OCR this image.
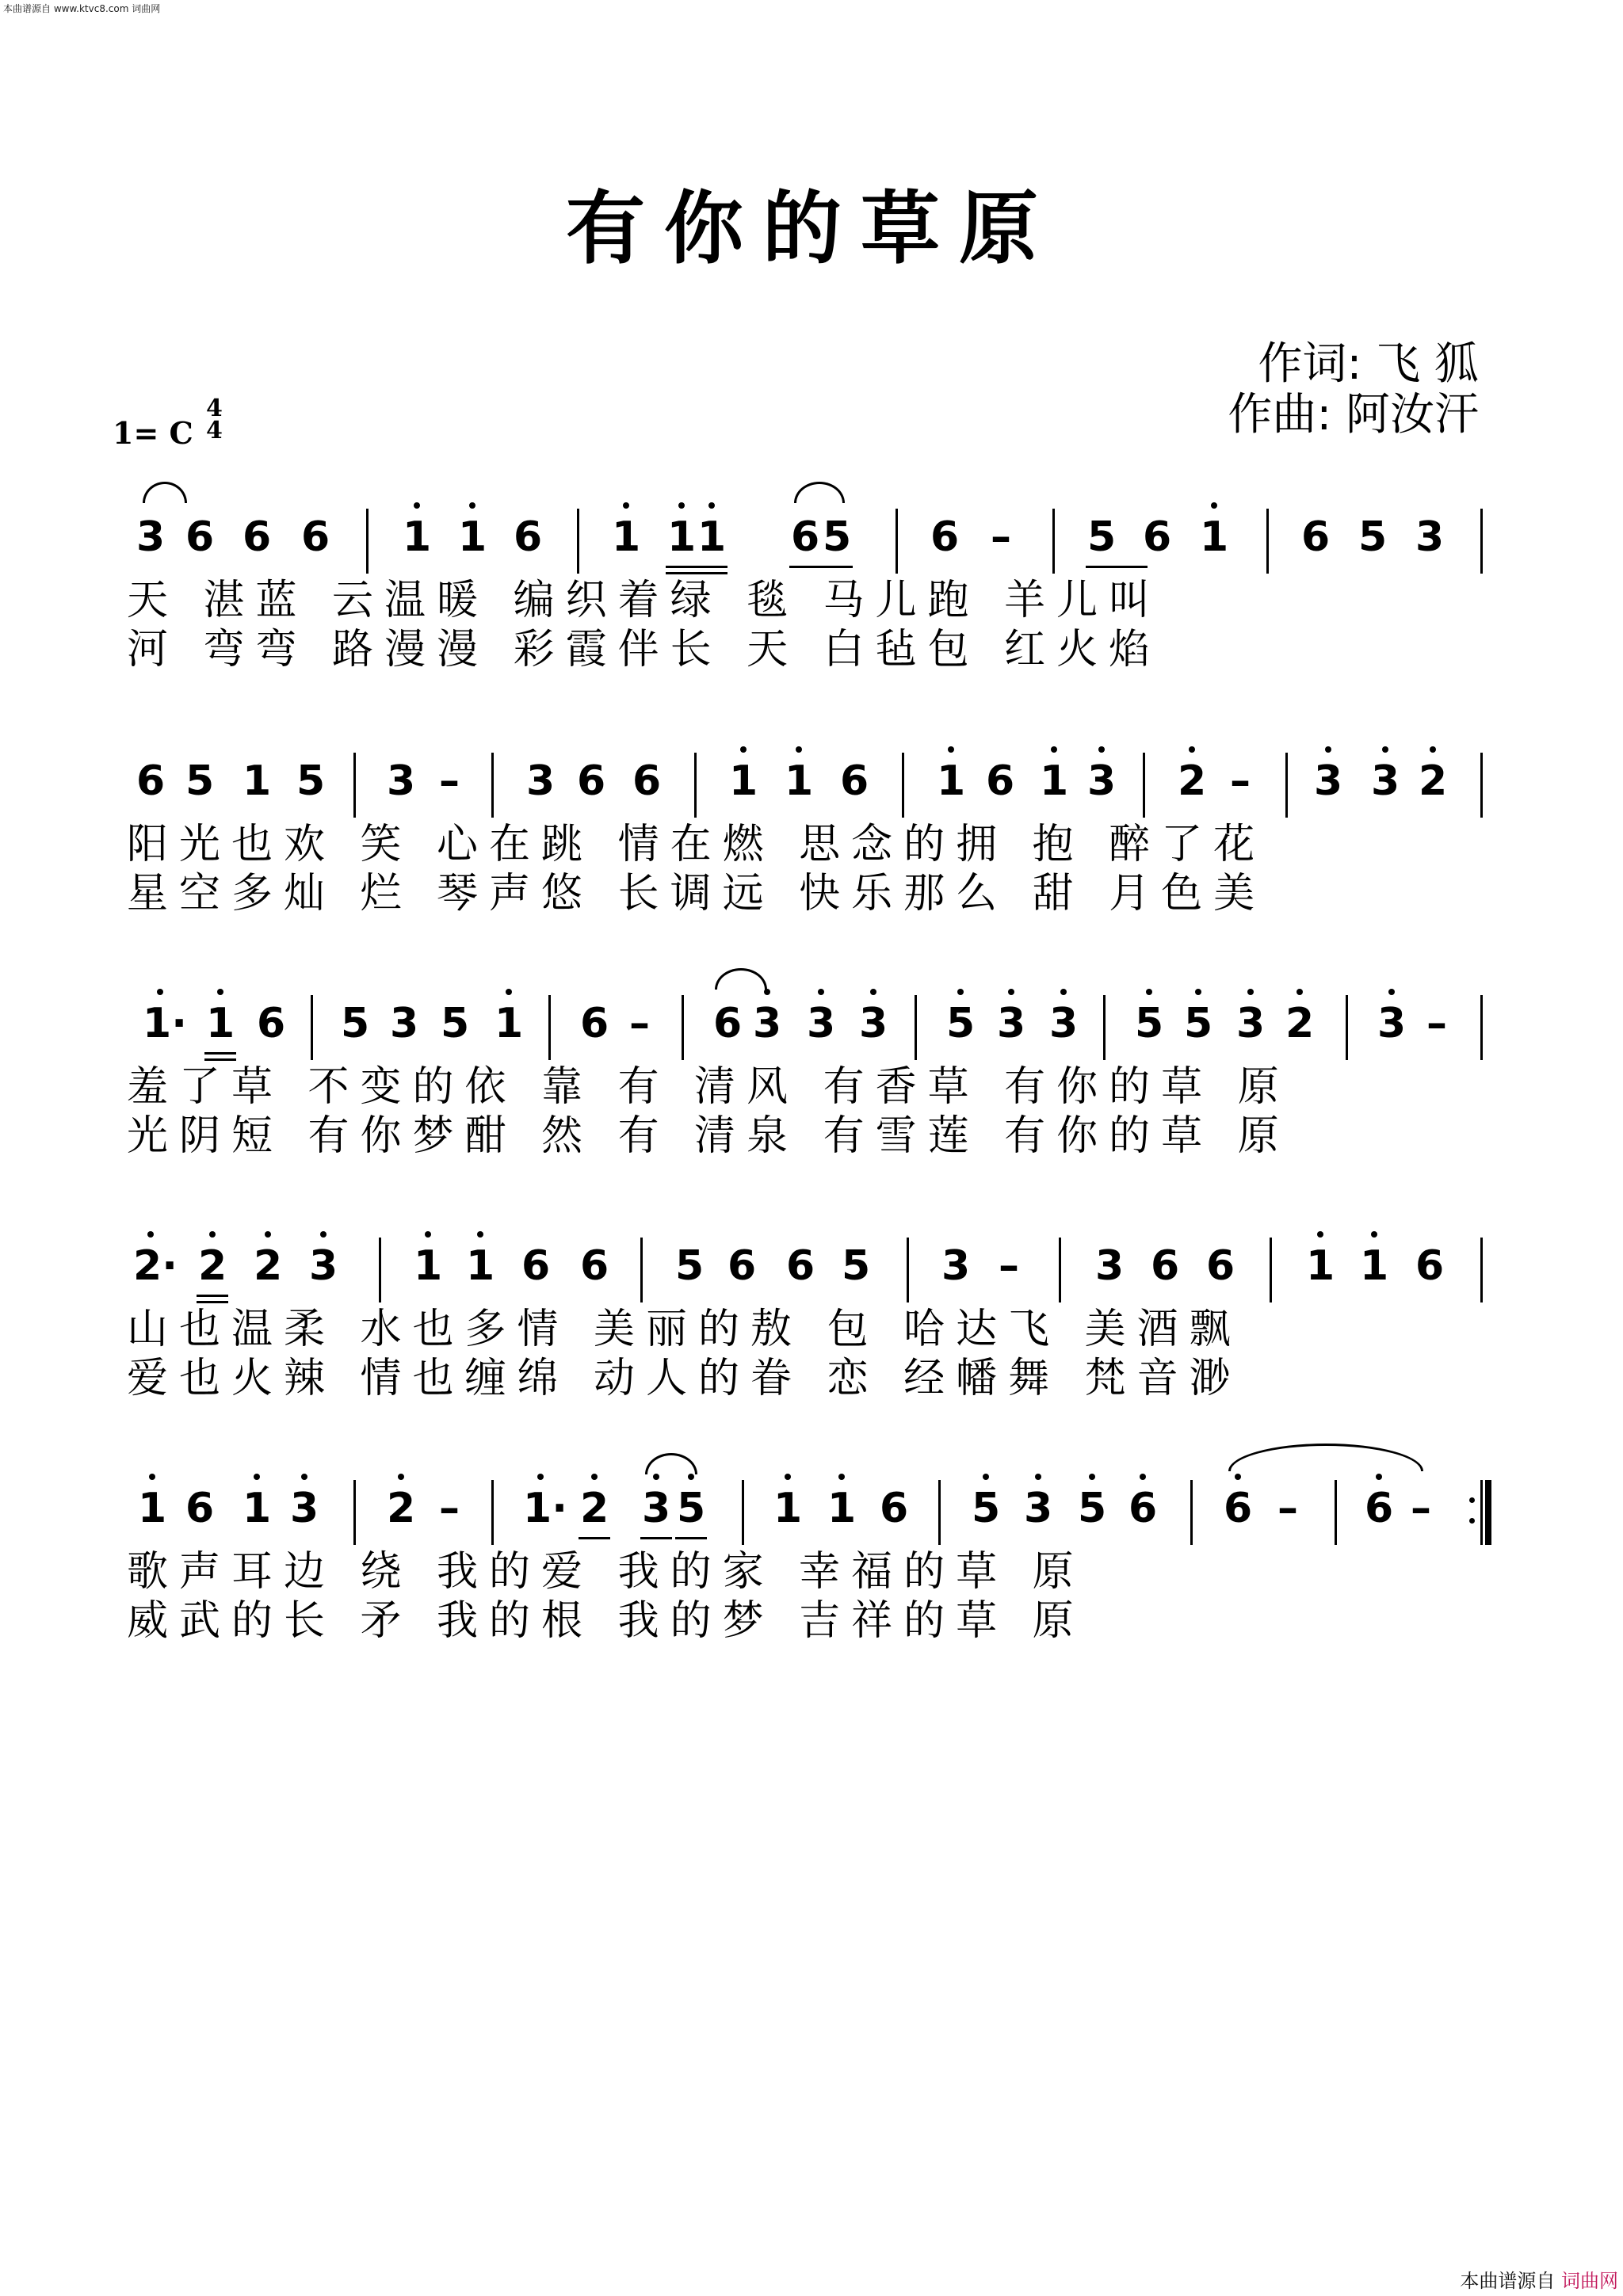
本曲谱源自 www.ktvc8.com 词曲网
有你的草原
作词: 飞 狐
作曲: 阿汝汗
1= C
4
4
3 6 6 6 1 1 6 1 1 1 6 5 6 – 5 6 1 6 5 3
天 湛蓝 云温暖 编织着绿 毯 马儿跑 羊儿叫
河 弯弯 路漫漫 彩霞伴长 天 白毡包 红火焰
6 5 1 5 3 – 3 6 6 1 1 6 1 6 1 3 2 – 3 3 2
阳光也欢 笑 心在跳 情在燃 思念的拥 抱 醉了花
星空多灿 烂 琴声悠 长调远 快乐那么 甜 月色美
1
· 1 6 5 3 5 1 6 – 6 3 3 3 5 3 3 5 5 3 2 3 –
羞了草 不变的依 靠 有 清风 有香草 有你的草 原
光阴短 有你梦酣 然 有 清泉 有雪莲 有你的草 原
2
· 2 2 3 1 1 6 6 5 6 6 5 3 – 3 6 6 1 1 6
山也温柔 水也多情 美丽的敖 包 哈达飞 美酒飘
爱也火辣 情也缠绵 动人的眷 恋 经幡舞 梵音渺
1 6 1 3 2 – 1
· 2 3 5 1 1 6 5 3 5 6 6 – 6 –
歌声耳边 绕 我的爱 我的家 幸福的草 原
威武的长 矛 我的根 我的梦 吉祥的草 原
本曲谱源自 词曲网
